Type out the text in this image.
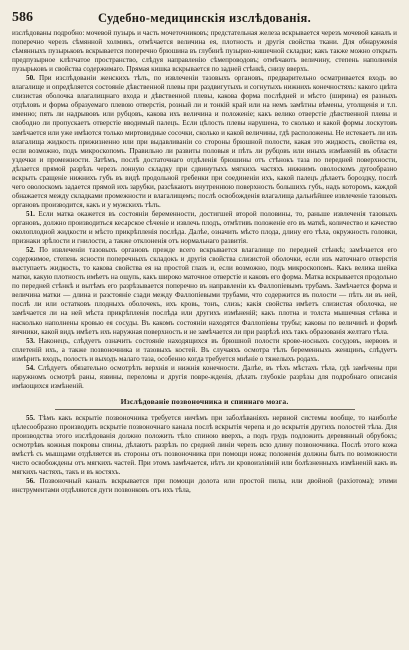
586	Судебно-медицинскія изслѣдованія.

изслѣдованы подробно: мочевой пузырь и часть мочеточниковъ; предстательная железа вскрывается черезъ мочевой каналъ и поперечно черезъ сѣмянной холмикъ, отмѣчается величина ея, плотность и другія свойства ткани. Для обнаруженія сѣмянныхъ пузырьковъ вскрывается поперечно брюшина въ глубинѣ пузырно-кишечной складки; какъ также можно открыть предпузырное клѣтчатое пространство, слѣдуя направленію сѣмепроводовъ; отмѣчають величину, степень наполненія пузырьковъ и свойства содержимаго. Прямая кишка вскрывается по задней стѣнкѣ, снизу вверхъ.

50. При изслѣдованіи женскихъ тѣлъ, по извлеченіи тазовыхъ органовъ, предварительно осматривается входъ во влагалище и опредѣляется состояніе дѣвственной плевы при раздвигутыхъ и согнутыхъ нижнихъ конечностяхъ: какого цвѣта слизистая оболочка влагалищнаго входа и дѣвственной плевы, какова форма послѣдней и мѣсто (ширина) ея разныхъ отдѣловъ и форма образуемаго плевою отверстія, розный ли и тонкій край или на немъ замѣтны вѣмены, утолщенія и т.п. именно; пять ли надрывовъ или рубцовъ, какова ихъ величина и положеніе; какъ велико отверстіе дѣвственной плевы и свободно ли пропускаетъ отверстіе вводимый палецъ. Если цѣлость плевы нарушена, то сколько и какой формы лоскутовъ замѣчается или уже имѣются только миртовидные сосочки, сколько и какой величины, гдѣ расположены. Не истекаетъ ли изъ влагалища жидкость прижизненно или при выдавливаніи со стороны брюшной полости, какая это жидкость, свойства ея, если возможно, подъ микроскопомъ. Правильно ли развиты половыя и пѣть ли рубцовъ или иныхъ измѣненій въ области уздечки и промежности. Затѣмъ, послѣ достаточнаго отдѣленія брюшины отъ стѣнокъ таза по передней поверхности, дѣлается прямой разрѣзъ черезъ лонную складку при сдвинутыхъ мягкихъ частяхъ нижнимъ оволоскомъ дугообразно вскрыть сращеніе нижнихъ губъ въ видѣ продольной гребенки при соединеніи ихъ, какой палецъ дѣлаетъ бороздку, послѣ чего оволоскомъ задается прямой ихъ зарубки, разсѣкаютъ внутреннюю поверхность большихъ губъ, надъ которомъ, каждой обнажается между складками промежности и влагалищемъ; послѣ освобожденія влагалища дальнѣйшее извлеченіе тазовыхъ органовъ производится, какъ и у мужскихъ тѣлъ.

51. Если матка окажется въ состояніи беременности, достигшей второй половины, то, раньше извлеченія тазовыхъ органовъ, должно производиться кесарское сѣченіе и извлечь плодъ, отмѣтивъ положеніе его въ маткѣ, количество и качество околоплодной жидкости и мѣсто прикрѣпленія послѣда. Далѣе, означить мѣсто плода, длину его тѣла, окружность головки, признаки зрѣлости и гнилости, а также отклоненія отъ нормальнаго развитія.

52. По извлеченіи тазовыхъ органовъ прежде всего вскрывается влагалище по передней стѣнкѣ; замѣчается его содержимое, степень ясности поперечныхъ складокъ и другія свойства слизистой оболочки, если изъ маточнаго отверстія выступаетъ жидкость, то какова свойства ея на простой глазъ и, если возможно, подъ микроскопомъ. Какъ велика шейка матки, какую плотность имѣетъ на ощупь, какъ широко маточное отверстіе и каковъ его форма. Матка вскрывается продольно по передней стѣнкѣ и вытѣмъ его разрѣзывается поперечно въ направленіи къ Фаллопіевымъ трубамъ. Замѣчается форма и величина матки — длина и разстояніе сзади между Фаллопіевыми трубами, что содержится въ полости — пѣть ли въ ней, послѣ ли или остатковъ плодныхъ оболочекъ, ихъ кровь, тонъ, слизь; какія свойства имѣетъ слизистая оболочка, не замѣчается ли на ней мѣста прикрѣпленія послѣда или другихъ измѣненій; какъ плотна и толста мышечная стѣнка и насколько наполнены кровью ея сосуды. Въ какомъ состояніи находятся Фаллопіевы трубы; каковы по величинѣ и формѣ яичники, какой видъ имѣетъ ихъ наружная поверхность и не замѣчается ли при разрѣзѣ ихъ такъ образованія желтаго тѣла.

53. Наконецъ, слѣдуетъ означить состояніе находящихся въ брюшной полости крове-носныхъ сосудовъ, нервовъ и сплетеній ихъ, а также позвоночника и тазовыхъ костей. Въ случаяхъ осмотра тѣлъ беременныхъ женщинъ, слѣдуетъ измѣрить входъ, полость и выходъ малаго таза, особенно когда требуется мнѣніе о тяжелыхъ родахъ.

54. Слѣдуетъ обязательно осмотрѣть верхнія и нижнія конечности. Далѣе, въ тѣхъ мѣстахъ тѣла, гдѣ замѣчены при наружномъ осмотрѣ раны, язвины, переломы и другія повре-жденія, дѣлать глубокіе разрѣзы для подробнаго описанія имѣющихся измѣненій.

Изслѣдованіе позвоночника и спиннаго мозга.

55. Тѣмъ какъ вскрытіе позвоночника требуется ничѣмъ при заболѣваніяхъ нервной системы вообще, то наиболѣе цѣлесообразно производить вскрытіе позвоночнаго канала послѣ вскрытія черепа и до вскрытія другихъ полостей тѣла. Для производства этого изслѣдованія должно положить тѣло спиною вверхъ, а подъ грудь подложить деревянный обрубокъ; осмотрѣвъ кожныя покровы спины, дѣлаютъ разрѣзъ по средней линіи черезъ всю длину позвоночника. Послѣ этого кожа вмѣстѣ съ мышцами отдѣляется въ стороны отъ позвоночника при помощи ножа; положенія должны быть по возможности чисто освобождены отъ мягкихъ частей. При этомъ замѣчается, нѣтъ ли кровоизліяній или болѣзненныхъ измѣненій какъ въ мягкихъ частяхъ, такъ и въ костяхъ.

56. Позвоночный каналъ вскрывается при помощи долота или простой пилы, или двойной (рахіотома); этими инструментами отдѣляются дуги позвонковъ отъ ихъ тѣла,
